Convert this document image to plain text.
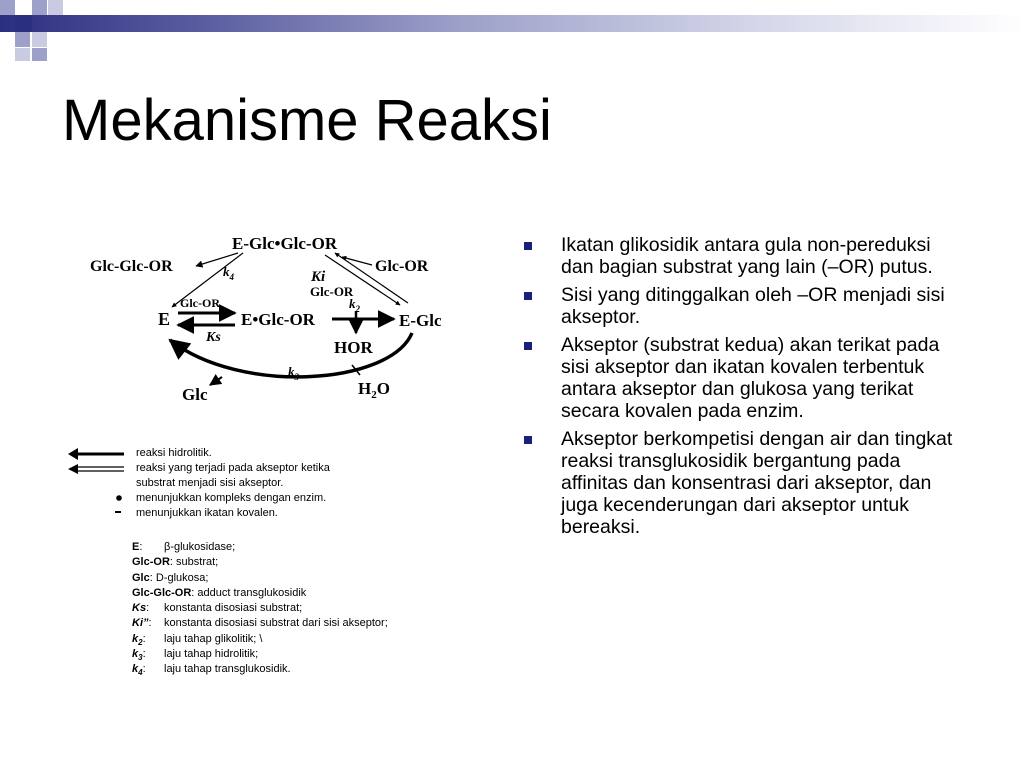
Mekanisme Reaksi
E-Glc•Glc-OR
Glc-Glc-OR	Glc-OR
Ki
Glc-OR
$k_4$
$k_2$
Glc-OR
E	E•Glc-OR	E-Glc
Ks
HOR
$k_3$
Glc	$H_2O$
reaksi hidrolitik.
reaksi yang terjadi pada akseptor ketika
substrat menjadi sisi akseptor.
menunjukkan kompleks dengan enzim.
menunjukkan ikatan kovalen.
E: β-glukosidase;
Glc-OR: substrat;
Glc: D-glukosa;
Glc-Glc-OR: adduct transglukosidik
Ks: konstanta disosiasi substrat;
Ki”: konstanta disosiasi substrat dari sisi akseptor;
$k_2$: laju tahap glikolitik; \
$k_3$: laju tahap hidrolitik;
$k_4$: laju tahap transglukosidik.
Ikatan glikosidik antara gula non-pereduksi dan bagian substrat yang lain (–OR) putus.
Sisi yang ditinggalkan oleh –OR menjadi sisi akseptor.
Akseptor (substrat kedua) akan terikat pada sisi akseptor dan ikatan kovalen terbentuk antara akseptor dan glukosa yang terikat secara kovalen pada enzim.
Akseptor berkompetisi dengan air dan tingkat reaksi transglukosidik bergantung pada affinitas dan konsentrasi dari akseptor, dan juga kecenderungan dari akseptor untuk bereaksi.
